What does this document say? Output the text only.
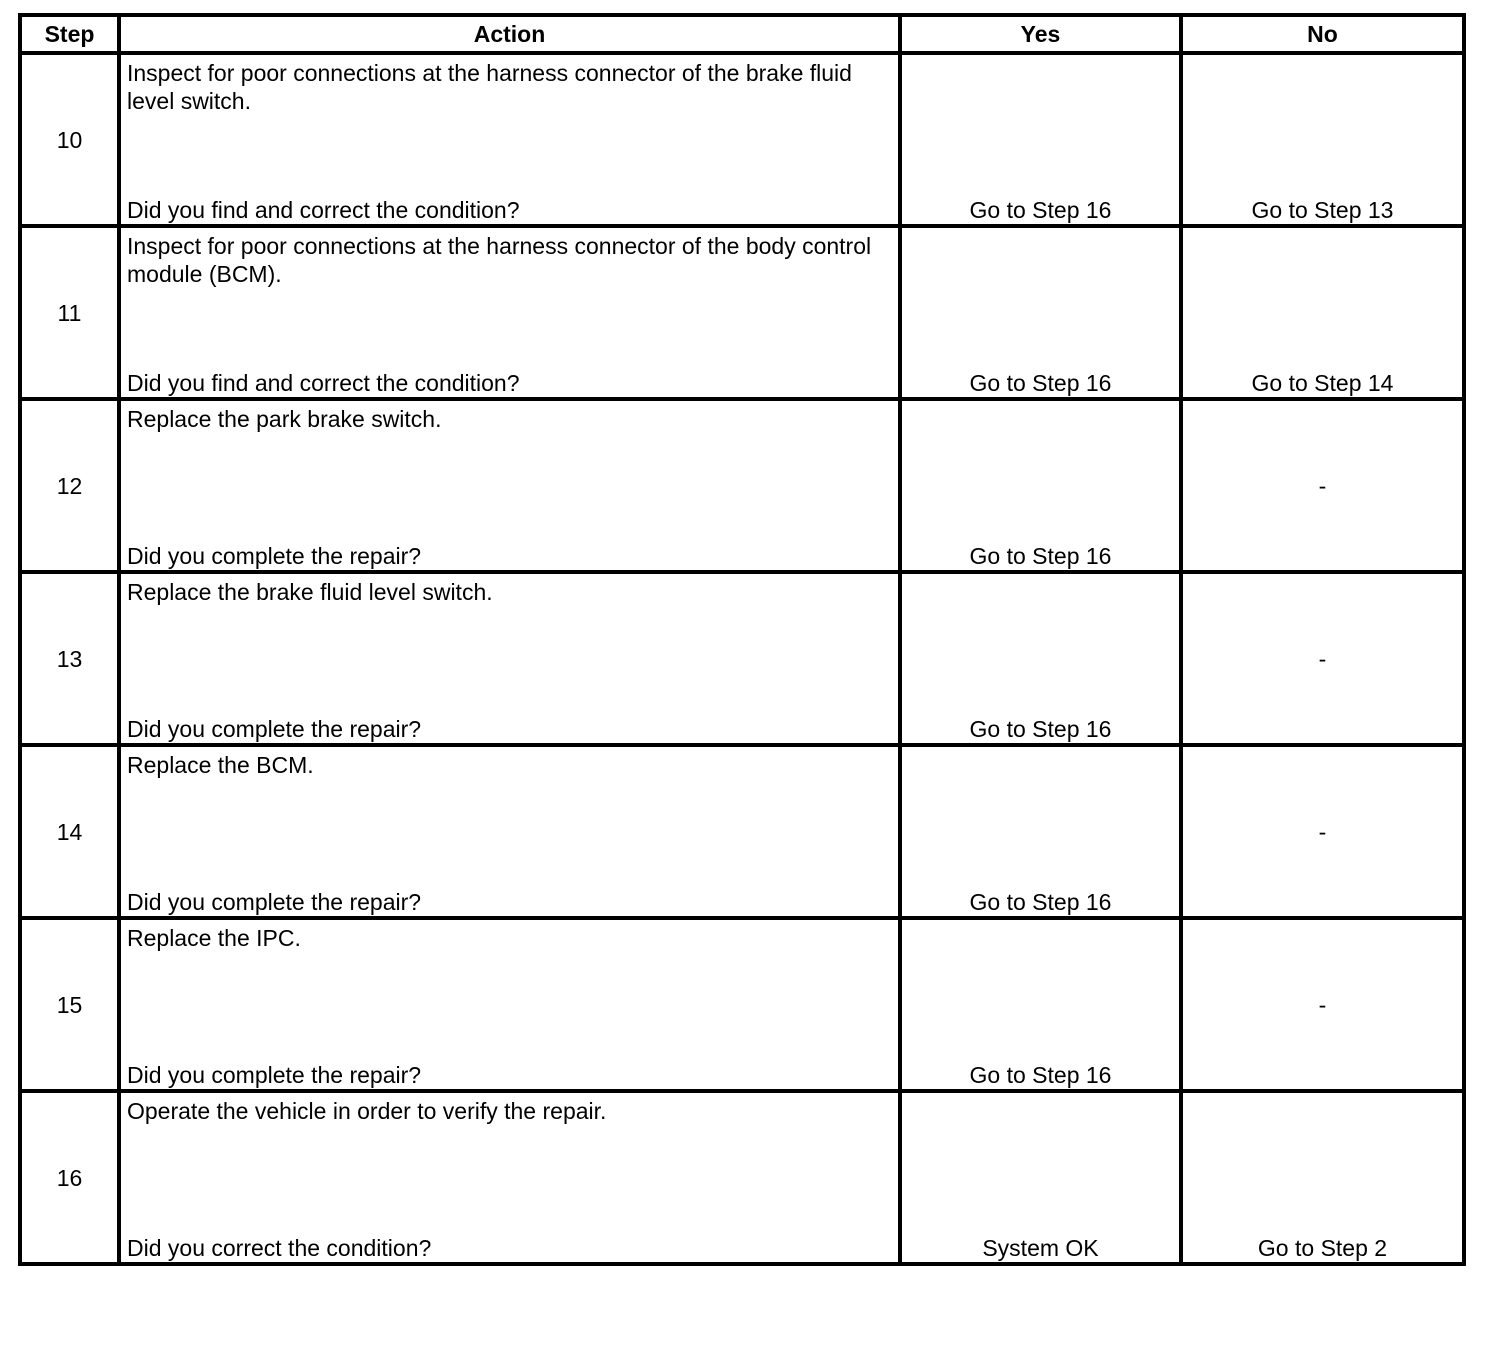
Step	Action	Yes	No
10	Inspect for poor connections at the harness connector of the brake fluid level switch.
Did you find and correct the condition?	Go to Step 16	Go to Step 13

11	Inspect for poor connections at the harness connector of the body control module (BCM).
Did you find and correct the condition?	Go to Step 16	Go to Step 14

12	Replace the park brake switch.
Did you complete the repair?	Go to Step 16	-

13	Replace the brake fluid level switch.
Did you complete the repair?	Go to Step 16	-

14	Replace the BCM.
Did you complete the repair?	Go to Step 16	-

15	Replace the IPC.
Did you complete the repair?	Go to Step 16	-

16	Operate the vehicle in order to verify the repair.
Did you correct the condition?	System OK	Go to Step 2
